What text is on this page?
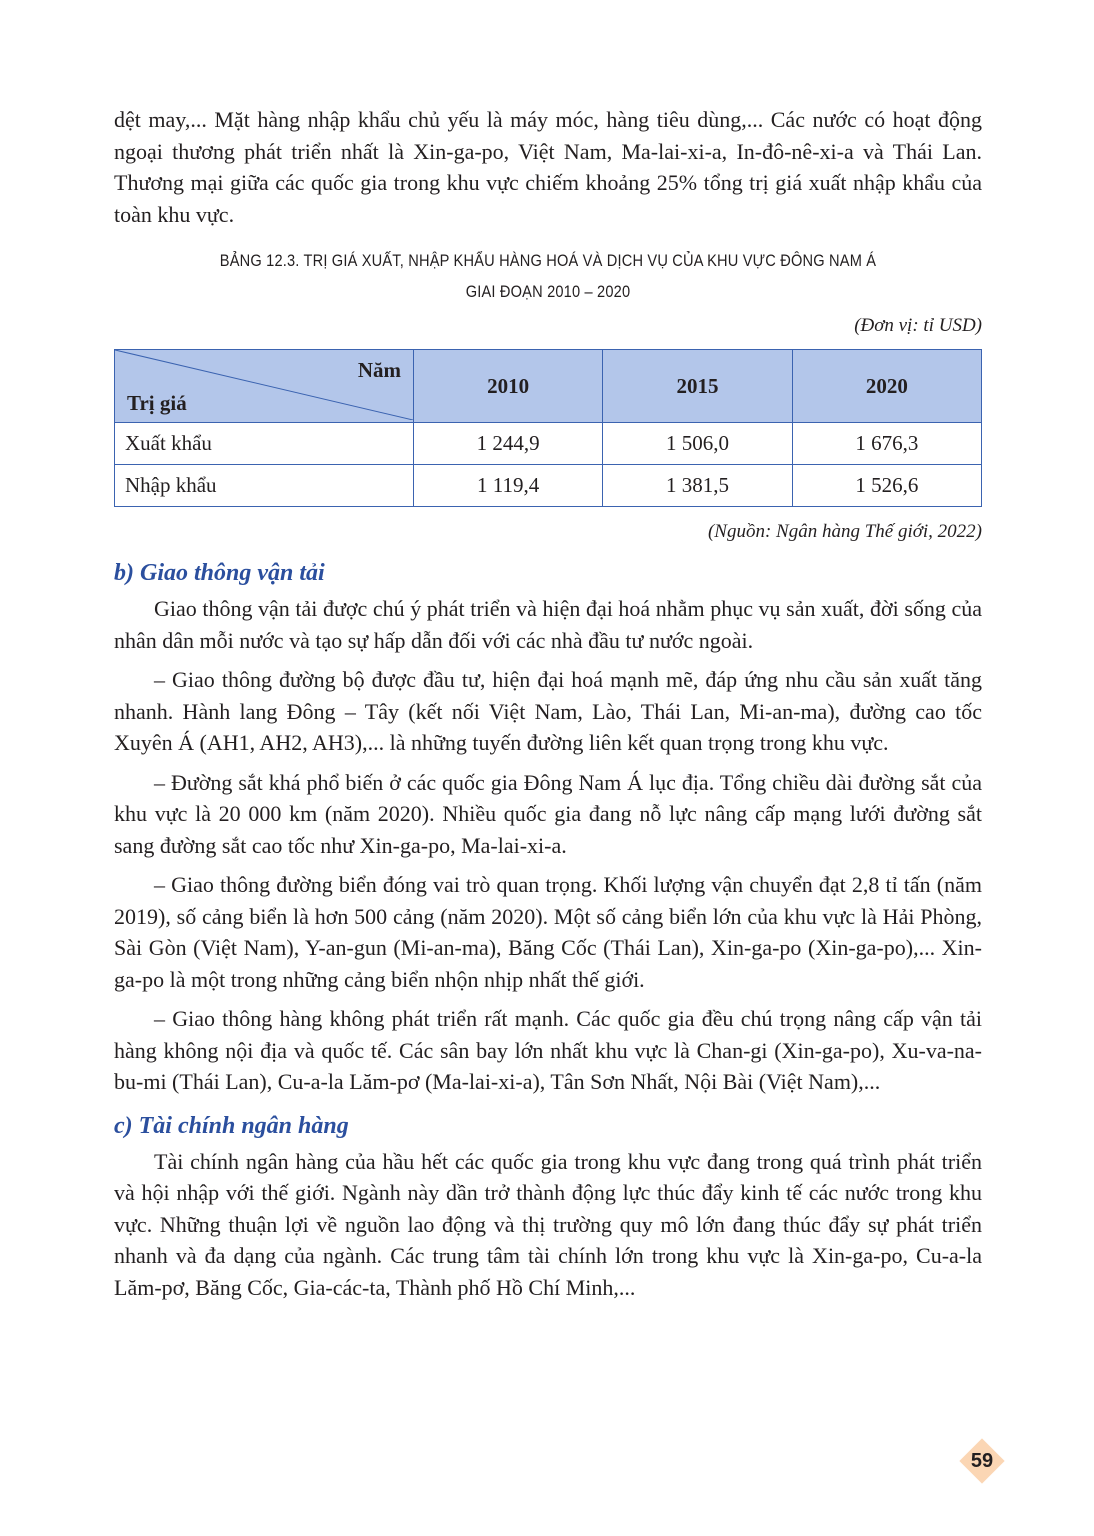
dệt may,... Mặt hàng nhập khẩu chủ yếu là máy móc, hàng tiêu dùng,... Các nước có hoạt động ngoại thương phát triển nhất là Xin-ga-po, Việt Nam, Ma-lai-xi-a, In-đô-nê-xi-a và Thái Lan. Thương mại giữa các quốc gia trong khu vực chiếm khoảng 25% tổng trị giá xuất nhập khẩu của toàn khu vực.

BẢNG 12.3. TRỊ GIÁ XUẤT, NHẬP KHẨU HÀNG HOÁ VÀ DỊCH VỤ CỦA KHU VỰC ĐÔNG NAM Á
GIAI ĐOẠN 2010 – 2020
(Đơn vị: tỉ USD)
Năm
Trị giá	2010	2015	2020
Xuất khẩu	1 244,9	1 506,0	1 676,3
Nhập khẩu	1 119,4	1 381,5	1 526,6
(Nguồn: Ngân hàng Thế giới, 2022)
b) Giao thông vận tải

Giao thông vận tải được chú ý phát triển và hiện đại hoá nhằm phục vụ sản xuất, đời sống của nhân dân mỗi nước và tạo sự hấp dẫn đối với các nhà đầu tư nước ngoài.

– Giao thông đường bộ được đầu tư, hiện đại hoá mạnh mẽ, đáp ứng nhu cầu sản xuất tăng nhanh. Hành lang Đông – Tây (kết nối Việt Nam, Lào, Thái Lan, Mi-an-ma), đường cao tốc Xuyên Á (AH1, AH2, AH3),... là những tuyến đường liên kết quan trọng trong khu vực.

– Đường sắt khá phổ biến ở các quốc gia Đông Nam Á lục địa. Tổng chiều dài đường sắt của khu vực là 20 000 km (năm 2020). Nhiều quốc gia đang nỗ lực nâng cấp mạng lưới đường sắt sang đường sắt cao tốc như Xin-ga-po, Ma-lai-xi-a.

– Giao thông đường biển đóng vai trò quan trọng. Khối lượng vận chuyển đạt 2,8 tỉ tấn (năm 2019), số cảng biển là hơn 500 cảng (năm 2020). Một số cảng biển lớn của khu vực là Hải Phòng, Sài Gòn (Việt Nam), Y-an-gun (Mi-an-ma), Băng Cốc (Thái Lan), Xin-ga-po (Xin-ga-po),... Xin-ga-po là một trong những cảng biển nhộn nhịp nhất thế giới.

– Giao thông hàng không phát triển rất mạnh. Các quốc gia đều chú trọng nâng cấp vận tải hàng không nội địa và quốc tế. Các sân bay lớn nhất khu vực là Chan-gi (Xin-ga-po), Xu-va-na-bu-mi (Thái Lan), Cu-a-la Lăm-pơ (Ma-lai-xi-a), Tân Sơn Nhất, Nội Bài (Việt Nam),...

c) Tài chính ngân hàng

Tài chính ngân hàng của hầu hết các quốc gia trong khu vực đang trong quá trình phát triển và hội nhập với thế giới. Ngành này dần trở thành động lực thúc đẩy kinh tế các nước trong khu vực. Những thuận lợi về nguồn lao động và thị trường quy mô lớn đang thúc đẩy sự phát triển nhanh và đa dạng của ngành. Các trung tâm tài chính lớn trong khu vực là Xin-ga-po, Cu-a-la Lăm-pơ, Băng Cốc, Gia-các-ta, Thành phố Hồ Chí Minh,...

59
